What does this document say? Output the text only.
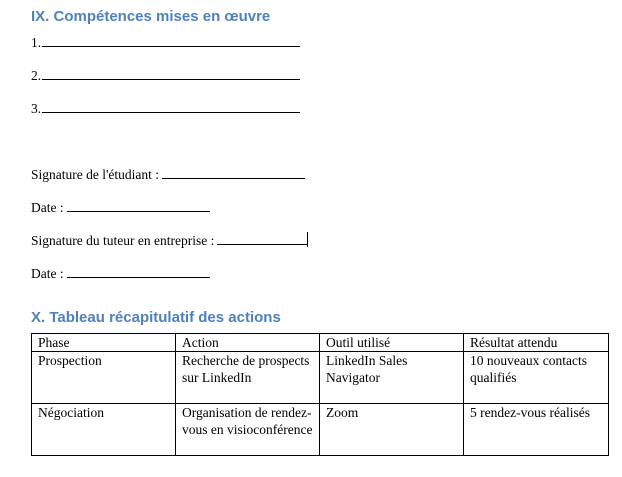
IX. Compétences mises en œuvre
1.
2.
3.
Signature de l'étudiant :
Date :
Signature du tuteur en entreprise :
Date :
X. Tableau récapitulatif des actions
Phase	Action	Outil utilisé	Résultat attendu
Prospection	Recherche de prospects sur LinkedIn	LinkedIn Sales Navigator	10 nouveaux contacts qualifiés
Négociation	Organisation de rendez-vous en visioconférence	Zoom	5 rendez-vous réalisés
